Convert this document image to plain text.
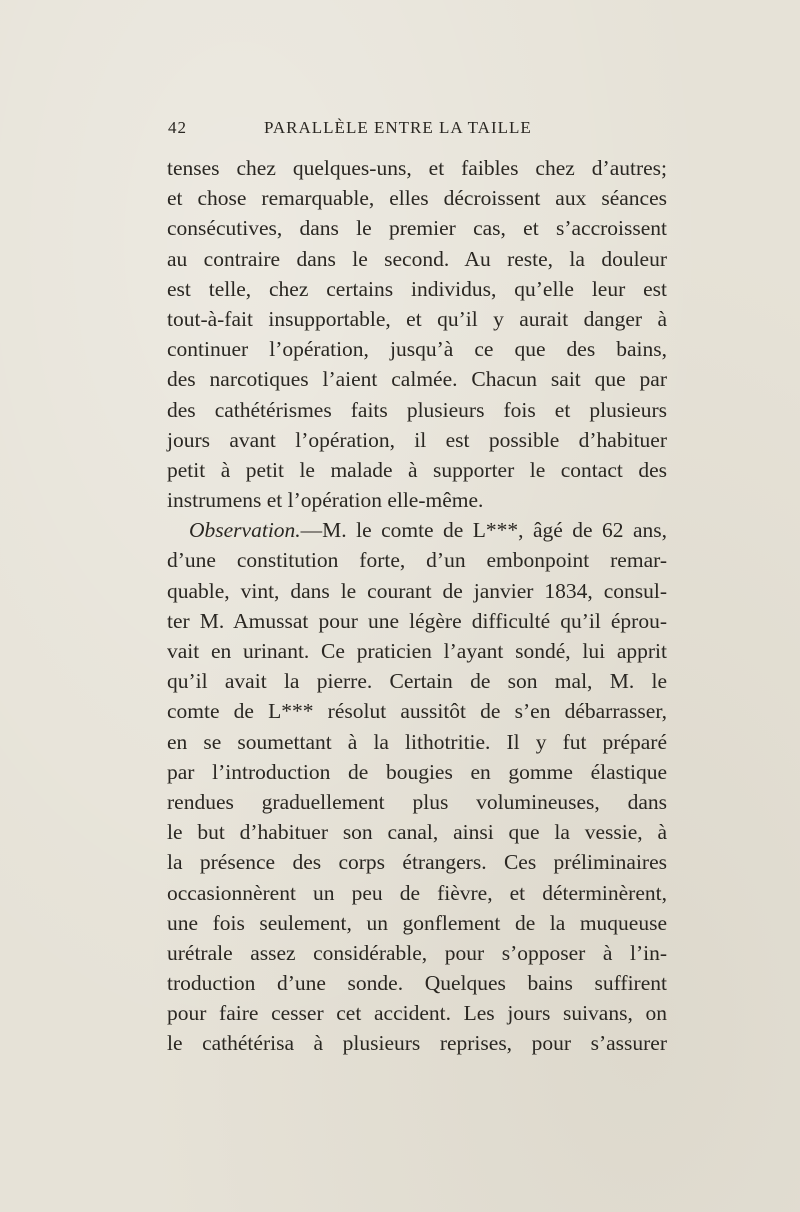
42	PARALLÈLE ENTRE LA TAILLE
tenses chez quelques-uns, et faibles chez d’autres;
et chose remarquable, elles décroissent aux séances
consécutives, dans le premier cas, et s’accroissent
au contraire dans le second. Au reste, la douleur
est telle, chez certains individus, qu’elle leur est
tout-à-fait insupportable, et qu’il y aurait danger à
continuer l’opération, jusqu’à ce que des bains,
des narcotiques l’aient calmée. Chacun sait que par
des cathétérismes faits plusieurs fois et plusieurs
jours avant l’opération, il est possible d’habituer
petit à petit le malade à supporter le contact des
instrumens et l’opération elle-même.
Observation.—M. le comte de L***, âgé de 62 ans,
d’une constitution forte, d’un embonpoint remar-
quable, vint, dans le courant de janvier 1834, consul-
ter M. Amussat pour une légère difficulté qu’il éprou-
vait en urinant. Ce praticien l’ayant sondé, lui apprit
qu’il avait la pierre. Certain de son mal, M. le
comte de L*** résolut aussitôt de s’en débarrasser,
en se soumettant à la lithotritie. Il y fut préparé
par l’introduction de bougies en gomme élastique
rendues graduellement plus volumineuses, dans
le but d’habituer son canal, ainsi que la vessie, à
la présence des corps étrangers. Ces préliminaires
occasionnèrent un peu de fièvre, et déterminèrent,
une fois seulement, un gonflement de la muqueuse
urétrale assez considérable, pour s’opposer à l’in-
troduction d’une sonde. Quelques bains suffirent
pour faire cesser cet accident. Les jours suivans, on
le cathétérisa à plusieurs reprises, pour s’assurer
